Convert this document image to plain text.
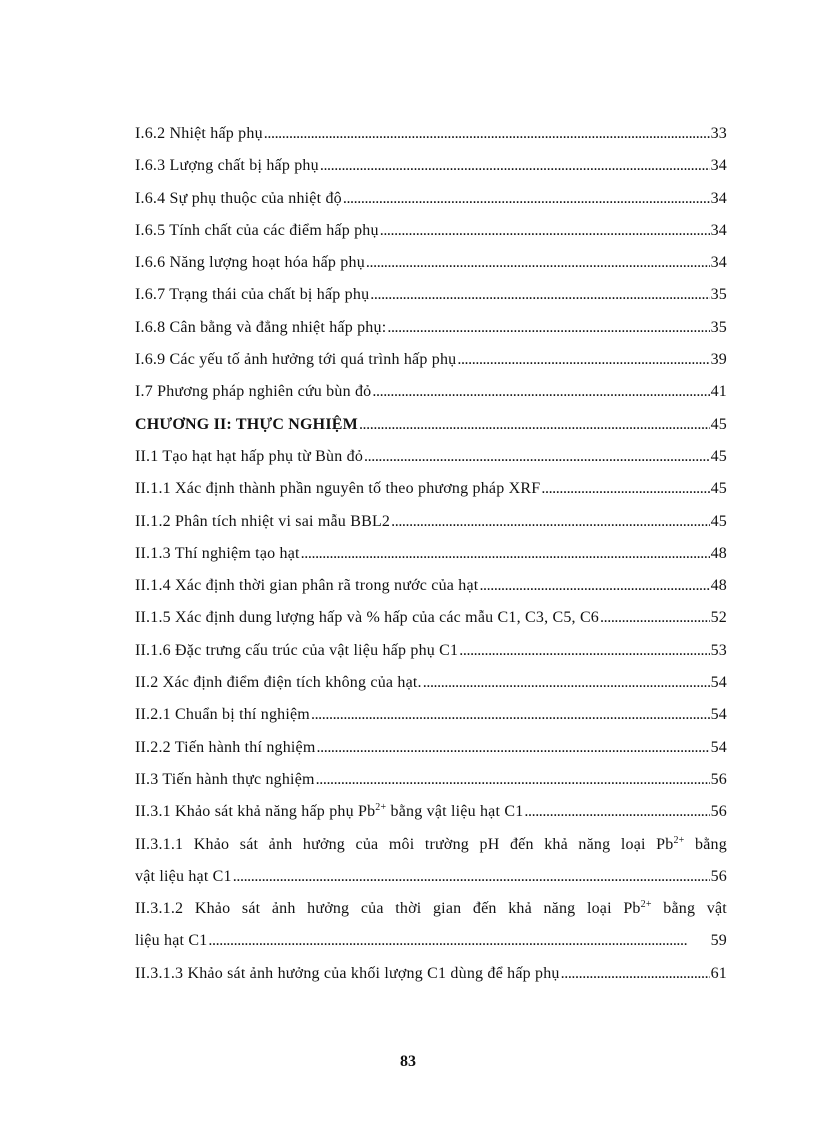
I.6.2 Nhiệt hấp phụ . . .	33
I.6.3 Lượng chất bị hấp phụ . . .	34
I.6.4 Sự phụ thuộc của nhiệt độ . . .	34
I.6.5 Tính chất của các điểm hấp phụ . . .	34
I.6.6 Năng lượng hoạt hóa hấp phụ . . .	34
I.6.7 Trạng thái của chất bị hấp phụ . . .	35
I.6.8 Cân bằng và đẳng nhiệt hấp phụ: . . .	35
I.6.9 Các yếu tố ảnh hưởng tới quá trình hấp phụ . . .	39
I.7 Phương pháp nghiên cứu bùn đỏ . . .	41
CHƯƠNG II: THỰC NGHIỆM . . .	45
II.1 Tạo hạt hạt hấp phụ từ Bùn đỏ . . .	45
II.1.1 Xác định thành phần nguyên tố theo phương pháp XRF . . .	45
II.1.2 Phân tích nhiệt vi sai mẫu BBL2 . . .	45
II.1.3 Thí nghiệm tạo hạt . . .	48
II.1.4 Xác định thời gian phân rã trong nước của hạt . . .	48
II.1.5 Xác định dung lượng hấp và % hấp của các mẫu C1, C3, C5, C6 . . .	52
II.1.6 Đặc trưng cấu trúc của vật liệu hấp phụ C1 . . .	53
II.2 Xác định điểm điện tích không của hạt. . . .	54
II.2.1 Chuẩn bị thí nghiệm . . .	54
II.2.2 Tiến hành thí nghiệm . . .	54
II.3 Tiến hành thực nghiệm . . .	56
II.3.1 Khảo sát khả năng hấp phụ $Pb^{2+}$ bằng vật liệu hạt C1 . . .	56
II.3.1.1 Khảo sát ảnh hưởng của môi trường pH đến khả năng loại $Pb^{2+}$ bằng
vật liệu hạt C1 . . .	56
II.3.1.2 Khảo sát ảnh hưởng của thời gian đến khả năng loại $Pb^{2+}$ bằng vật
liệu hạt C1 . . .	59
II.3.1.3 Khảo sát ảnh hưởng của khối lượng C1 dùng để hấp phụ . . .	61
83
